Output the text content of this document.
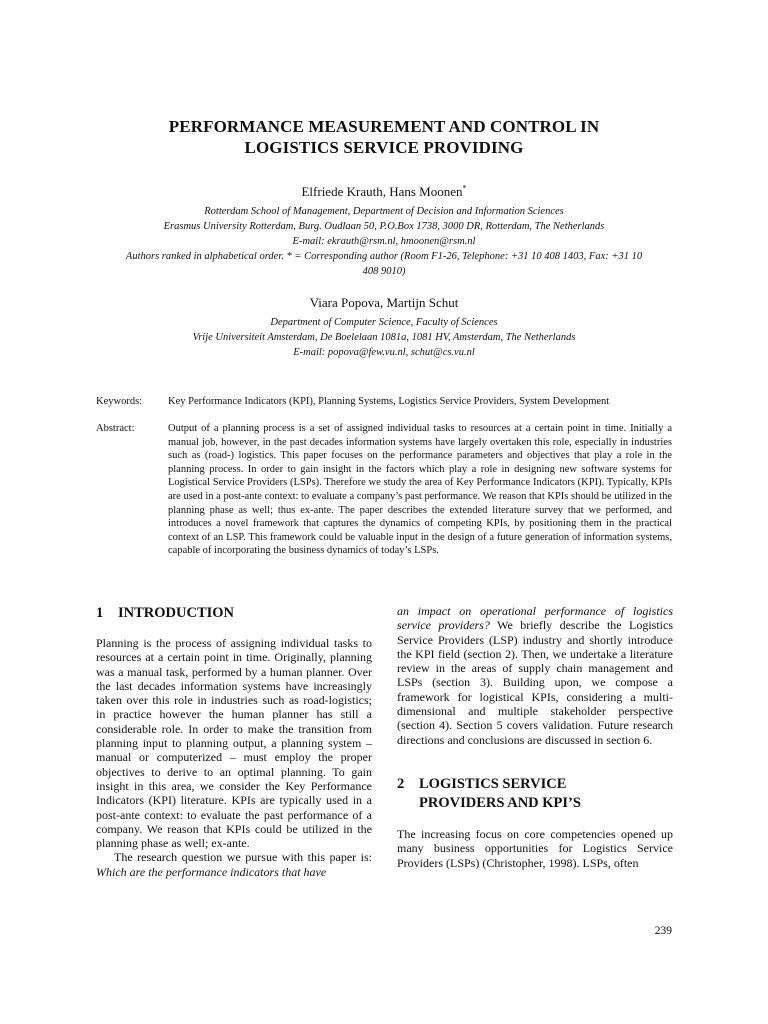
PERFORMANCE MEASUREMENT AND CONTROL IN
LOGISTICS SERVICE PROVIDING
Elfriede Krauth, Hans Moonen*
Rotterdam School of Management, Department of Decision and Information Sciences
Erasmus University Rotterdam, Burg. Oudlaan 50, P.O.Box 1738, 3000 DR, Rotterdam, The Netherlands
E-mail: ekrauth@rsm.nl, hmoonen@rsm.nl
Authors ranked in alphabetical order. * = Corresponding author (Room F1-26, Telephone: +31 10 408 1403, Fax: +31 10
408 9010)
Viara Popova, Martijn Schut
Department of Computer Science, Faculty of Sciences
Vrije Universiteit Amsterdam, De Boelelaan 1081a, 1081 HV, Amsterdam, The Netherlands
E-mail: popova@few.vu.nl, schut@cs.vu.nl
Keywords:	Key Performance Indicators (KPI), Planning Systems, Logistics Service Providers, System Development
Abstract:	Output of a planning process is a set of assigned individual tasks to resources at a certain point in time. Initially a manual job, however, in the past decades information systems have largely overtaken this role, especially in industries such as (road-) logistics. This paper focuses on the performance parameters and objectives that play a role in the planning process. In order to gain insight in the factors which play a role in designing new software systems for Logistical Service Providers (LSPs). Therefore we study the area of Key Performance Indicators (KPI). Typically, KPIs are used in a post-ante context: to evaluate a company’s past performance. We reason that KPIs should be utilized in the planning phase as well; thus ex-ante. The paper describes the extended literature survey that we performed, and introduces a novel framework that captures the dynamics of competing KPIs, by positioning them in the practical context of an LSP. This framework could be valuable input in the design of a future generation of information systems, capable of incorporating the business dynamics of today’s LSPs.
1 INTRODUCTION

Planning is the process of assigning individual tasks to resources at a certain point in time. Originally, planning was a manual task, performed by a human planner. Over the last decades information systems have increasingly taken over this role in industries such as road-logistics; in practice however the human planner has still a considerable role. In order to make the transition from planning input to planning output, a planning system – manual or computerized – must employ the proper objectives to derive to an optimal planning. To gain insight in this area, we consider the Key Performance Indicators (KPI) literature. KPIs are typically used in a post-ante context: to evaluate the past performance of a company. We reason that KPIs could be utilized in the planning phase as well; ex-ante.

The research question we pursue with this paper is: Which are the performance indicators that have

an impact on operational performance of logistics service providers? We briefly describe the Logistics Service Providers (LSP) industry and shortly introduce the KPI field (section 2). Then, we undertake a literature review in the areas of supply chain management and LSPs (section 3). Building upon, we compose a framework for logistical KPIs, considering a multi-dimensional and multiple stakeholder perspective (section 4). Section 5 covers validation. Future research directions and conclusions are discussed in section 6.

2 LOGISTICS SERVICE
PROVIDERS AND KPI’S

The increasing focus on core competencies opened up many business opportunities for Logistics Service Providers (LSPs) (Christopher, 1998). LSPs, often

239
